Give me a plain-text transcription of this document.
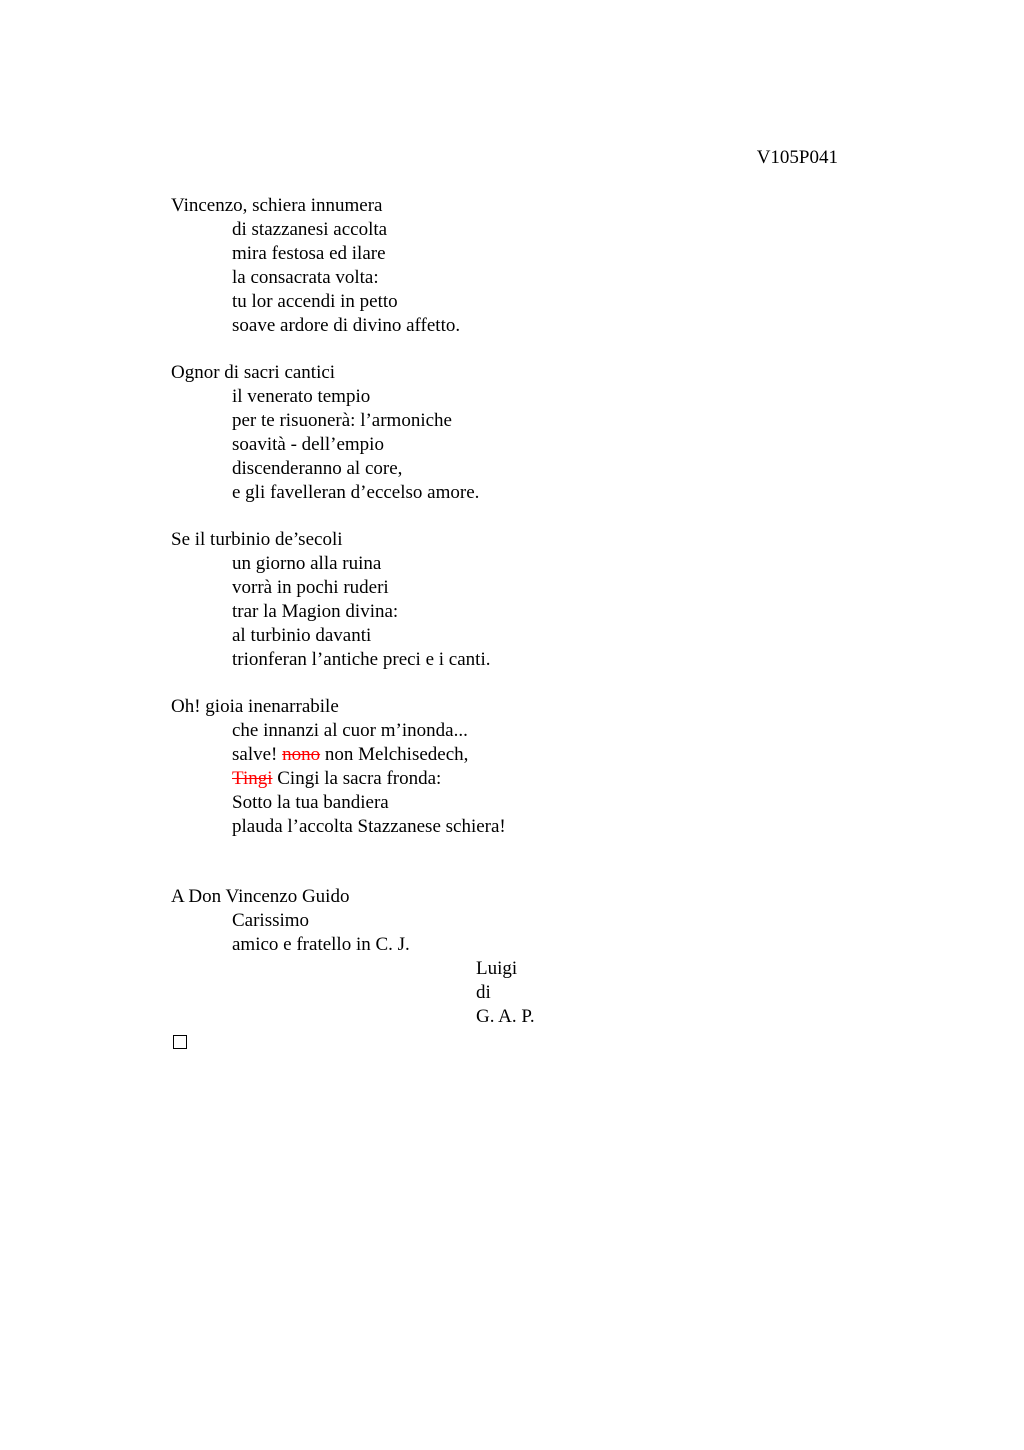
V105P041
Vincenzo, schiera innumera
di stazzanesi accolta
mira festosa ed ilare
la consacrata volta:
tu lor accendi in petto
soave ardore di divino affetto.
Ognor di sacri cantici
il venerato tempio
per te risuonerà: l’armoniche
soavità - dell’empio
discenderanno al core,
e gli favelleran d’eccelso amore.
Se il turbinio de’secoli
un giorno alla ruina
vorrà in pochi ruderi
trar la Magion divina:
al turbinio davanti
trionferan l’antiche preci e i canti.
Oh! gioia inenarrabile
che innanzi al cuor m’inonda...
salve! nono non Melchisedech,
Tingi Cingi la sacra fronda:
Sotto la tua bandiera
plauda l’accolta Stazzanese schiera!
A Don Vincenzo Guido
Carissimo
amico e fratello in C. J.
Luigi
di
G. A. P.
